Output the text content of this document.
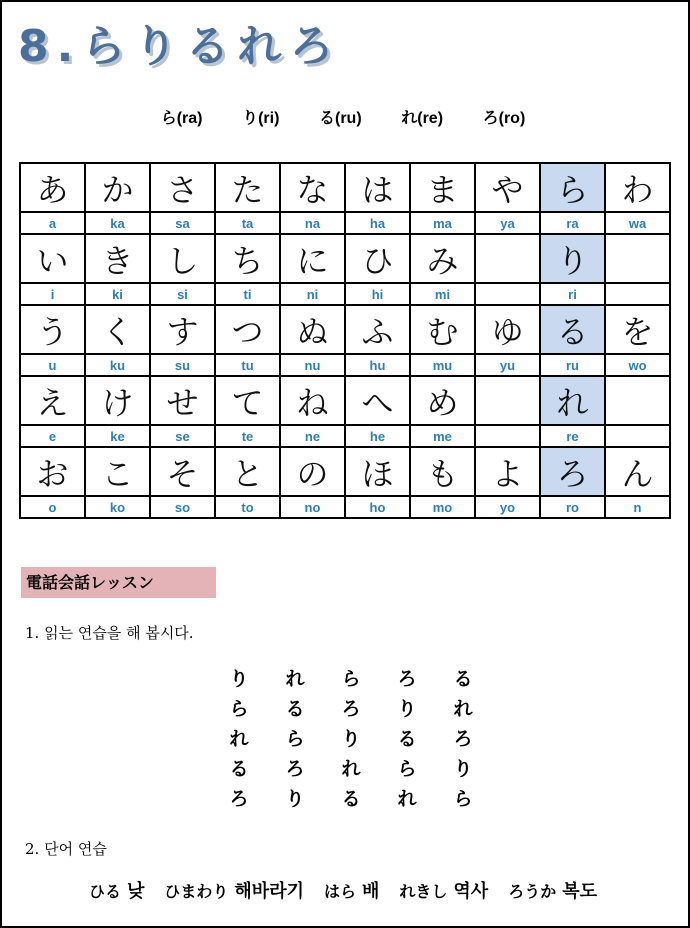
8.らりるれろ
ら(ra) り(ri) る(ru) れ(re) ろ(ro)
あ	か	さ	た	な	は	ま	や	ら	わ
a	ka	sa	ta	na	ha	ma	ya	ra	wa
い	き	し	ち	に	ひ	み		り	
i	ki	si	ti	ni	hi	mi		ri	
う	く	す	つ	ぬ	ふ	む	ゆ	る	を
u	ku	su	tu	nu	hu	mu	yu	ru	wo
え	け	せ	て	ね	へ	め		れ	
e	ke	se	te	ne	he	me		re	
お	こ	そ	と	の	ほ	も	よ	ろ	ん
o	ko	so	to	no	ho	mo	yo	ro	n
電話会話レッスン
1. 읽는 연습을 해 봅시다.
り れ ら ろ る
ら る ろ り れ
れ ら り る ろ
る ろ れ ら り
ろ り る れ ら
2. 단어 연습
ひる 낮 ひまわり 해바라기 はら 배 れきし 역사 ろうか 복도
